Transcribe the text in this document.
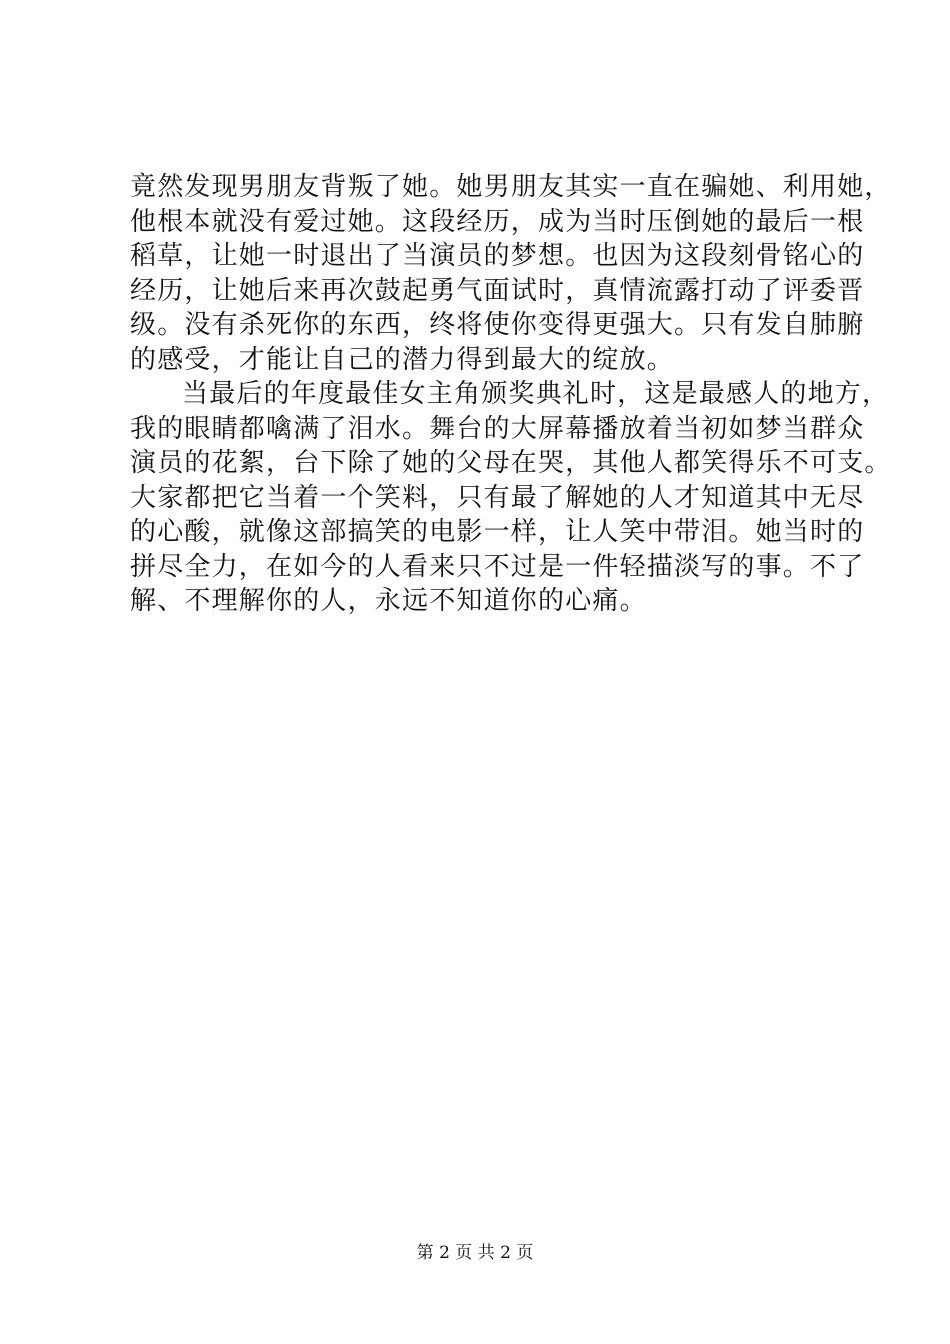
竟然发现男朋友背叛了她。她男朋友其实一直在骗她、利用她，
他根本就没有爱过她。这段经历，成为当时压倒她的最后一根
稻草，让她一时退出了当演员的梦想。也因为这段刻骨铭心的
经历，让她后来再次鼓起勇气面试时，真情流露打动了评委晋
级。没有杀死你的东西，终将使你变得更强大。只有发自肺腑
的感受，才能让自己的潜力得到最大的绽放。
当最后的年度最佳女主角颁奖典礼时，这是最感人的地方，
我的眼睛都噙满了泪水。舞台的大屏幕播放着当初如梦当群众
演员的花絮，台下除了她的父母在哭，其他人都笑得乐不可支。
大家都把它当着一个笑料，只有最了解她的人才知道其中无尽
的心酸，就像这部搞笑的电影一样，让人笑中带泪。她当时的
拼尽全力，在如今的人看来只不过是一件轻描淡写的事。不了
解、不理解你的人，永远不知道你的心痛。
第 2 页 共 2 页
